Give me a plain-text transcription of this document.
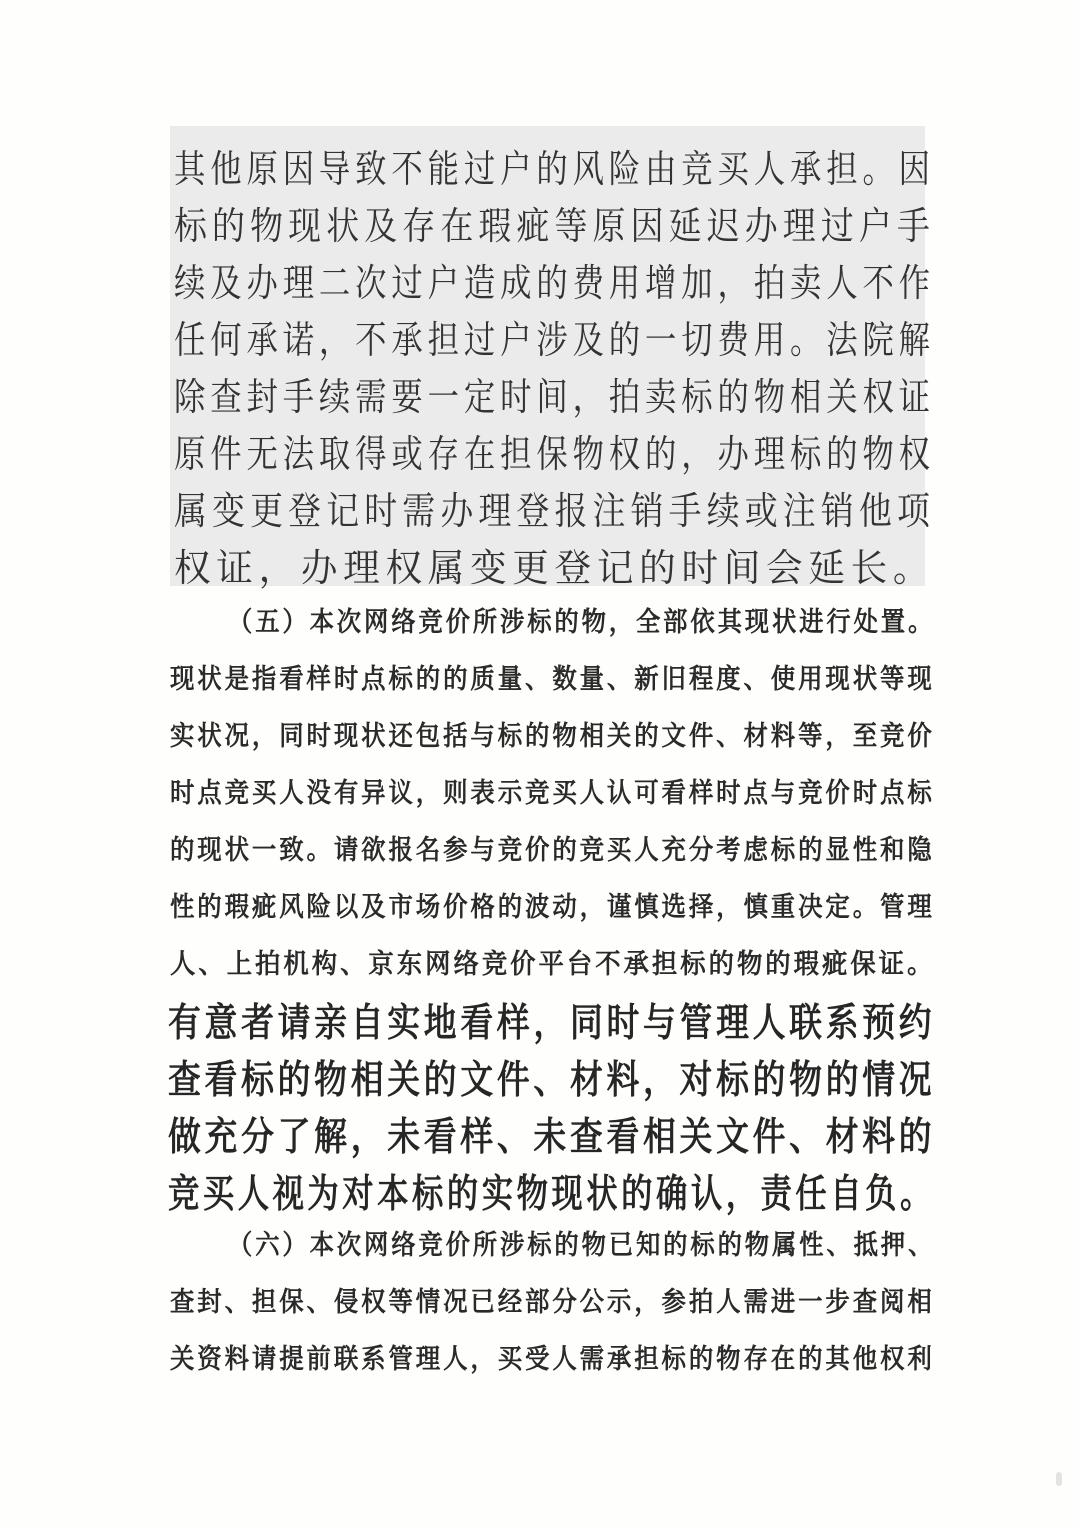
其他原因导致不能过户的风险由竞买人承担。因
标的物现状及存在瑕疵等原因延迟办理过户手
续及办理二次过户造成的费用增加，拍卖人不作
任何承诺，不承担过户涉及的一切费用。法院解
除查封手续需要一定时间，拍卖标的物相关权证
原件无法取得或存在担保物权的，办理标的物权
属变更登记时需办理登报注销手续或注销他项
权证，办理权属变更登记的时间会延长。
（五）本次网络竞价所涉标的物，全部依其现状进行处置。
现状是指看样时点标的的质量、数量、新旧程度、使用现状等现
实状况，同时现状还包括与标的物相关的文件、材料等，至竞价
时点竞买人没有异议，则表示竞买人认可看样时点与竞价时点标
的现状一致。请欲报名参与竞价的竞买人充分考虑标的显性和隐
性的瑕疵风险以及市场价格的波动，谨慎选择，慎重决定。管理
人、上拍机构、京东网络竞价平台不承担标的物的瑕疵保证。
有意者请亲自实地看样，同时与管理人联系预约
查看标的物相关的文件、材料，对标的物的情况
做充分了解，未看样、未查看相关文件、材料的
竞买人视为对本标的实物现状的确认，责任自负。
（六）本次网络竞价所涉标的物已知的标的物属性、抵押、
查封、担保、侵权等情况已经部分公示，参拍人需进一步查阅相
关资料请提前联系管理人，买受人需承担标的物存在的其他权利
